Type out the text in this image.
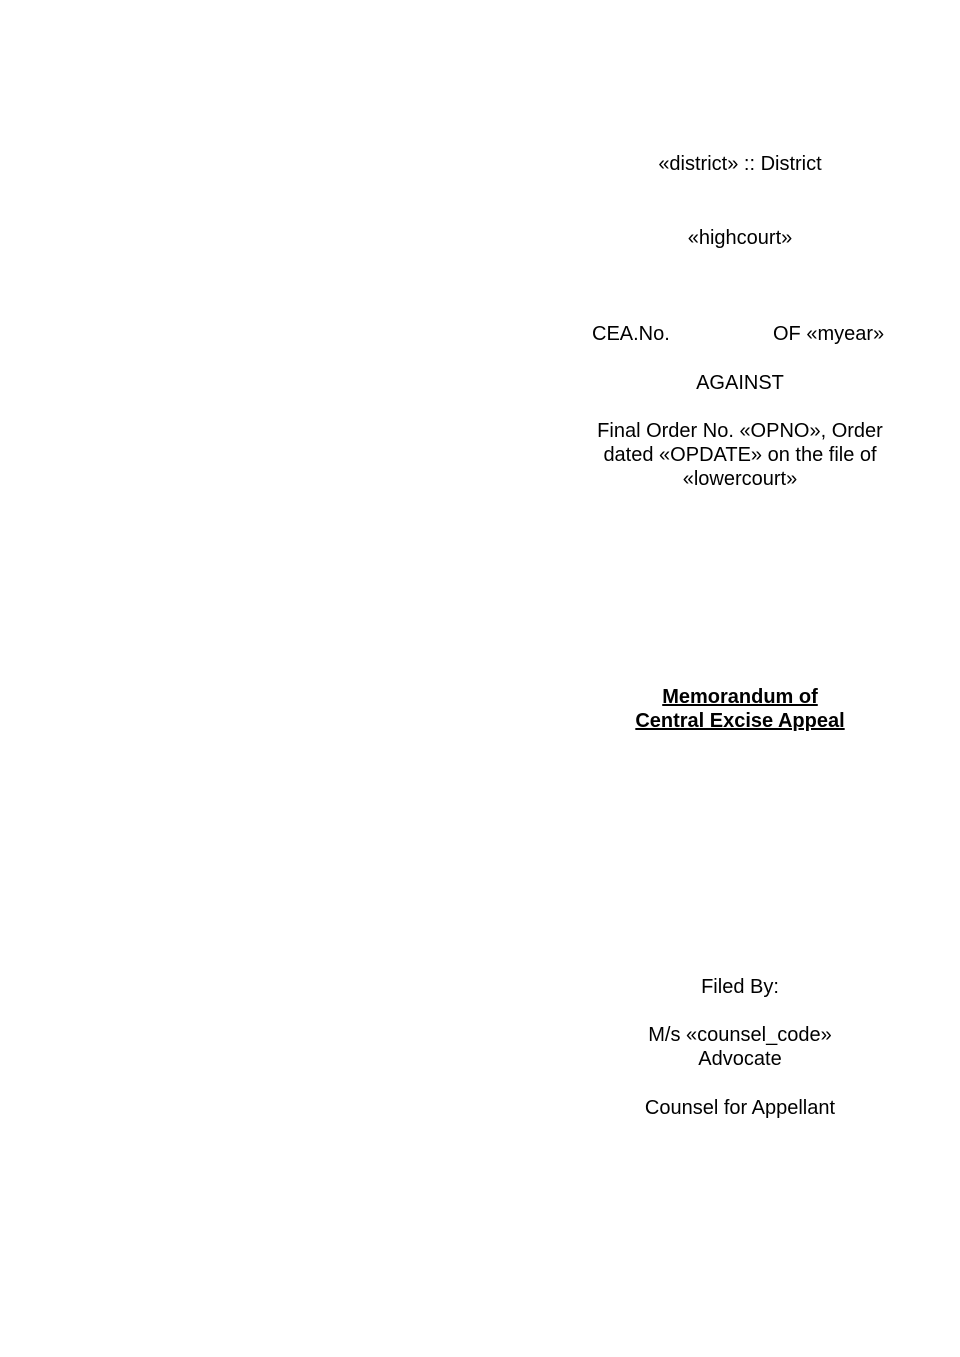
«district» :: District
«highcourt»
CEA.No.	OF «myear»
AGAINST
Final Order No. «OPNO», Order
dated «OPDATE» on the file of
«lowercourt»
Memorandum of
Central Excise Appeal
Filed By:
M/s «counsel_code»
Advocate
Counsel for Appellant
